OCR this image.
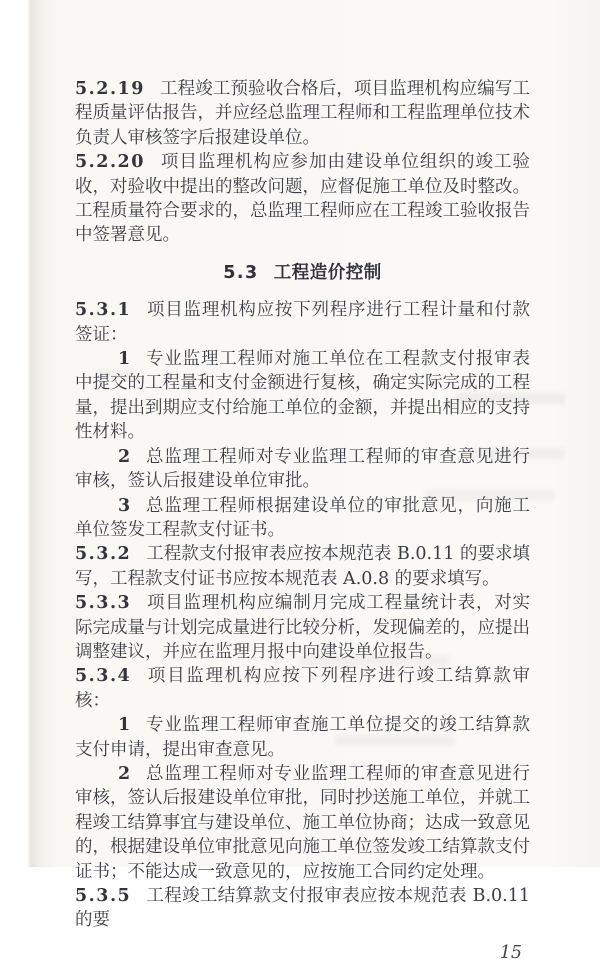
5.2.19 工程竣工预验收合格后，项目监理机构应编写工程质量评估报告，并应经总监理工程师和工程监理单位技术负责人审核签字后报建设单位。

5.2.20 项目监理机构应参加由建设单位组织的竣工验收，对验收中提出的整改问题，应督促施工单位及时整改。工程质量符合要求的，总监理工程师应在工程竣工验收报告中签署意见。

5.3 工程造价控制

5.3.1 项目监理机构应按下列程序进行工程计量和付款签证：

1 专业监理工程师对施工单位在工程款支付报审表中提交的工程量和支付金额进行复核，确定实际完成的工程量，提出到期应支付给施工单位的金额，并提出相应的支持性材料。

2 总监理工程师对专业监理工程师的审查意见进行审核，签认后报建设单位审批。

3 总监理工程师根据建设单位的审批意见，向施工单位签发工程款支付证书。

5.3.2 工程款支付报审表应按本规范表 B.0.11 的要求填写，工程款支付证书应按本规范表 A.0.8 的要求填写。

5.3.3 项目监理机构应编制月完成工程量统计表，对实际完成量与计划完成量进行比较分析，发现偏差的，应提出调整建议，并应在监理月报中向建设单位报告。

5.3.4 项目监理机构应按下列程序进行竣工结算款审核：

1 专业监理工程师审查施工单位提交的竣工结算款支付申请，提出审查意见。

2 总监理工程师对专业监理工程师的审查意见进行审核，签认后报建设单位审批，同时抄送施工单位，并就工程竣工结算事宜与建设单位、施工单位协商；达成一致意见的，根据建设单位审批意见向施工单位签发竣工结算款支付证书；不能达成一致意见的，应按施工合同约定处理。

5.3.5 工程竣工结算款支付报审表应按本规范表 B.0.11 的要

15
